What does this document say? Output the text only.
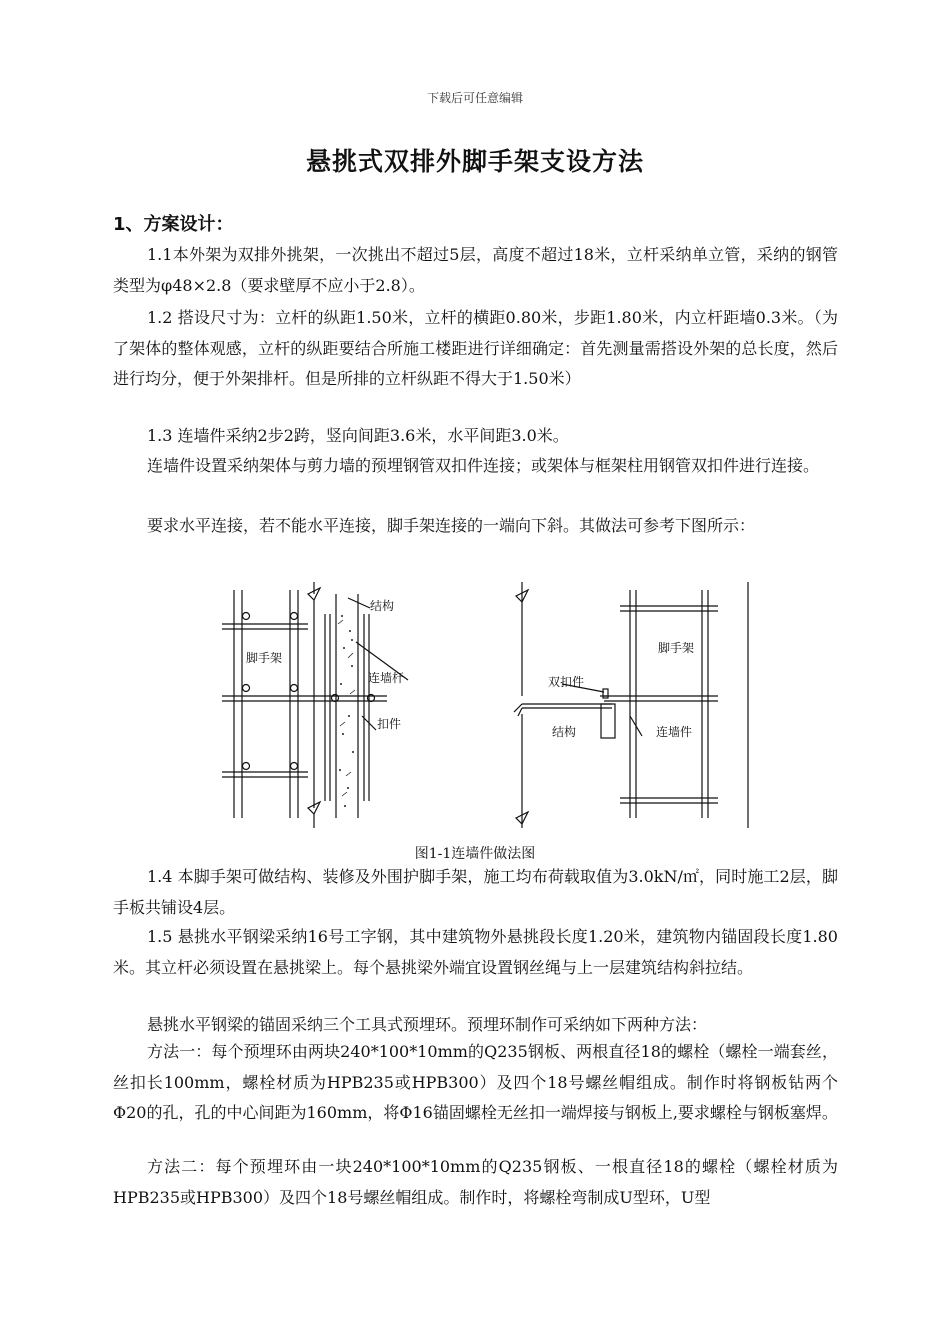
下载后可任意编辑
悬挑式双排外脚手架支设方法
1、方案设计：

1.1本外架为双排外挑架，一次挑出不超过5层，高度不超过18米，立杆采纳单立管，采纳的钢管类型为φ48×2.8（要求壁厚不应小于2.8）。

1.2 搭设尺寸为：立杆的纵距1.50米，立杆的横距0.80米，步距1.80米，内立杆距墙0.3米。（为了架体的整体观感，立杆的纵距要结合所施工楼距进行详细确定：首先测量需搭设外架的总长度，然后进行均分，便于外架排杆。但是所排的立杆纵距不得大于1.50米）

1.3 连墙件采纳2步2跨，竖向间距3.6米，水平间距3.0米。

连墙件设置采纳架体与剪力墙的预埋钢管双扣件连接；或架体与框架柱用钢管双扣件进行连接。

要求水平连接，若不能水平连接，脚手架连接的一端向下斜。其做法可参考下图所示：

脚手架
结构
连墙杆
扣件
脚手架
双扣件
结构	连墙件
图1-1连墙件做法图

1.4 本脚手架可做结构、装修及外围护脚手架，施工均布荷载取值为3.0kN/㎡，同时施工2层，脚手板共铺设4层。

1.5 悬挑水平钢梁采纳16号工字钢，其中建筑物外悬挑段长度1.20米，建筑物内锚固段长度1.80米。其立杆必须设置在悬挑梁上。每个悬挑梁外端宜设置钢丝绳与上一层建筑结构斜拉结。

悬挑水平钢梁的锚固采纳三个工具式预埋环。预埋环制作可采纳如下两种方法：

方法一：每个预埋环由两块240*100*10mm的Q235钢板、两根直径18的螺栓（螺栓一端套丝，丝扣长100mm，螺栓材质为HPB235或HPB300）及四个18号螺丝帽组成。制作时将钢板钻两个Φ20的孔，孔的中心间距为160mm，将Φ16锚固螺栓无丝扣一端焊接与钢板上,要求螺栓与钢板塞焊。

方法二：每个预埋环由一块240*100*10mm的Q235钢板、一根直径18的螺栓（螺栓材质为HPB235或HPB300）及四个18号螺丝帽组成。制作时，将螺栓弯制成U型环，U型
